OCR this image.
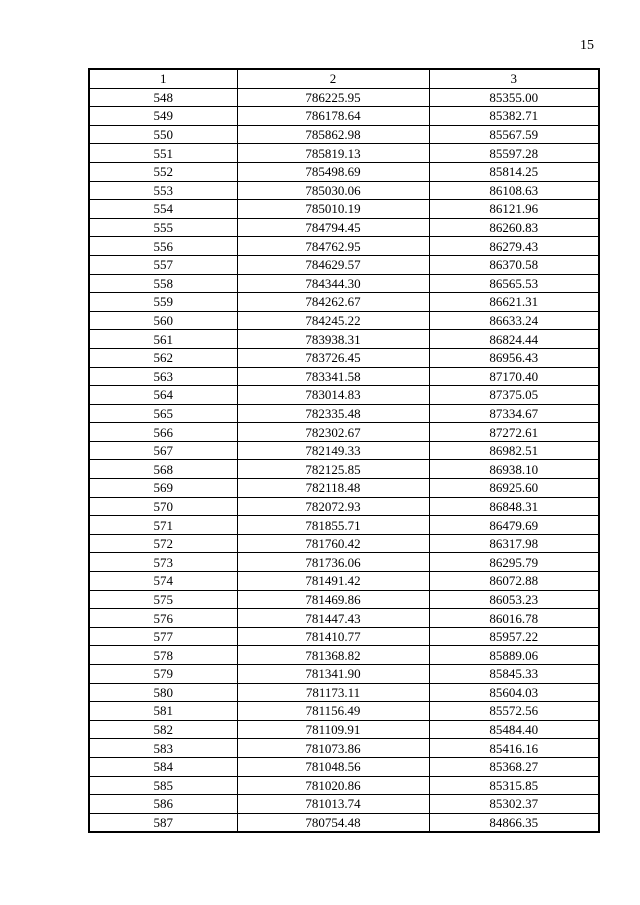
15
1	2	3
548	786225.95	85355.00
549	786178.64	85382.71
550	785862.98	85567.59
551	785819.13	85597.28
552	785498.69	85814.25
553	785030.06	86108.63
554	785010.19	86121.96
555	784794.45	86260.83
556	784762.95	86279.43
557	784629.57	86370.58
558	784344.30	86565.53
559	784262.67	86621.31
560	784245.22	86633.24
561	783938.31	86824.44
562	783726.45	86956.43
563	783341.58	87170.40
564	783014.83	87375.05
565	782335.48	87334.67
566	782302.67	87272.61
567	782149.33	86982.51
568	782125.85	86938.10
569	782118.48	86925.60
570	782072.93	86848.31
571	781855.71	86479.69
572	781760.42	86317.98
573	781736.06	86295.79
574	781491.42	86072.88
575	781469.86	86053.23
576	781447.43	86016.78
577	781410.77	85957.22
578	781368.82	85889.06
579	781341.90	85845.33
580	781173.11	85604.03
581	781156.49	85572.56
582	781109.91	85484.40
583	781073.86	85416.16
584	781048.56	85368.27
585	781020.86	85315.85
586	781013.74	85302.37
587	780754.48	84866.35
